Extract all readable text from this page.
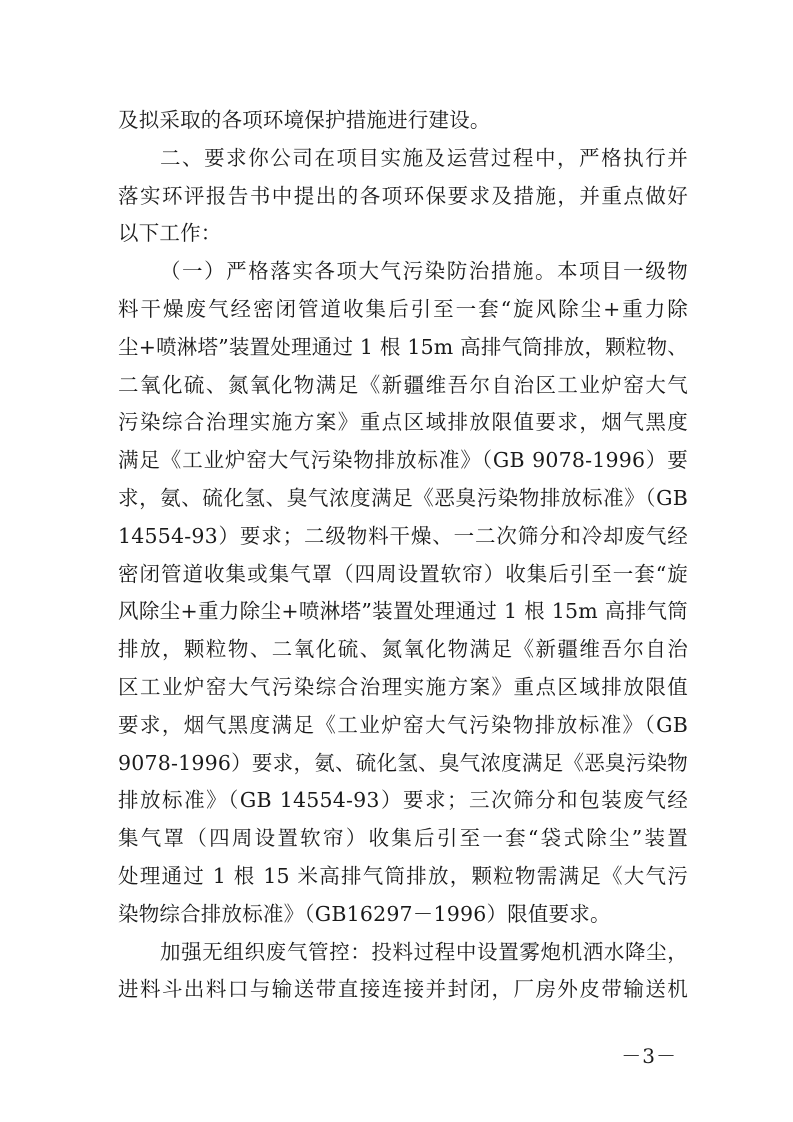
及拟采取的各项环境保护措施进行建设。
二、要求你公司在项目实施及运营过程中，严格执行并
落实环评报告书中提出的各项环保要求及措施，并重点做好
以下工作：
（一）严格落实各项大气污染防治措施。本项目一级物
料干燥废气经密闭管道收集后引至一套“旋风除尘+重力除
尘+喷淋塔”装置处理通过 1 根 15m 高排气筒排放，颗粒物、
二氧化硫、氮氧化物满足《新疆维吾尔自治区工业炉窑大气
污染综合治理实施方案》重点区域排放限值要求，烟气黑度
满足《工业炉窑大气污染物排放标准》（GB 9078-1996）要
求，氨、硫化氢、臭气浓度满足《恶臭污染物排放标准》（GB
14554-93）要求；二级物料干燥、一二次筛分和冷却废气经
密闭管道收集或集气罩（四周设置软帘）收集后引至一套“旋
风除尘+重力除尘+喷淋塔”装置处理通过 1 根 15m 高排气筒
排放，颗粒物、二氧化硫、氮氧化物满足《新疆维吾尔自治
区工业炉窑大气污染综合治理实施方案》重点区域排放限值
要求，烟气黑度满足《工业炉窑大气污染物排放标准》（GB
9078-1996）要求，氨、硫化氢、臭气浓度满足《恶臭污染物
排放标准》（GB 14554-93）要求；三次筛分和包装废气经
集气罩（四周设置软帘）收集后引至一套“袋式除尘”装置
处理通过 1 根 15 米高排气筒排放，颗粒物需满足《大气污
染物综合排放标准》（GB16297－1996）限值要求。
加强无组织废气管控：投料过程中设置雾炮机洒水降尘，
进料斗出料口与输送带直接连接并封闭，厂房外皮带输送机
－3－
